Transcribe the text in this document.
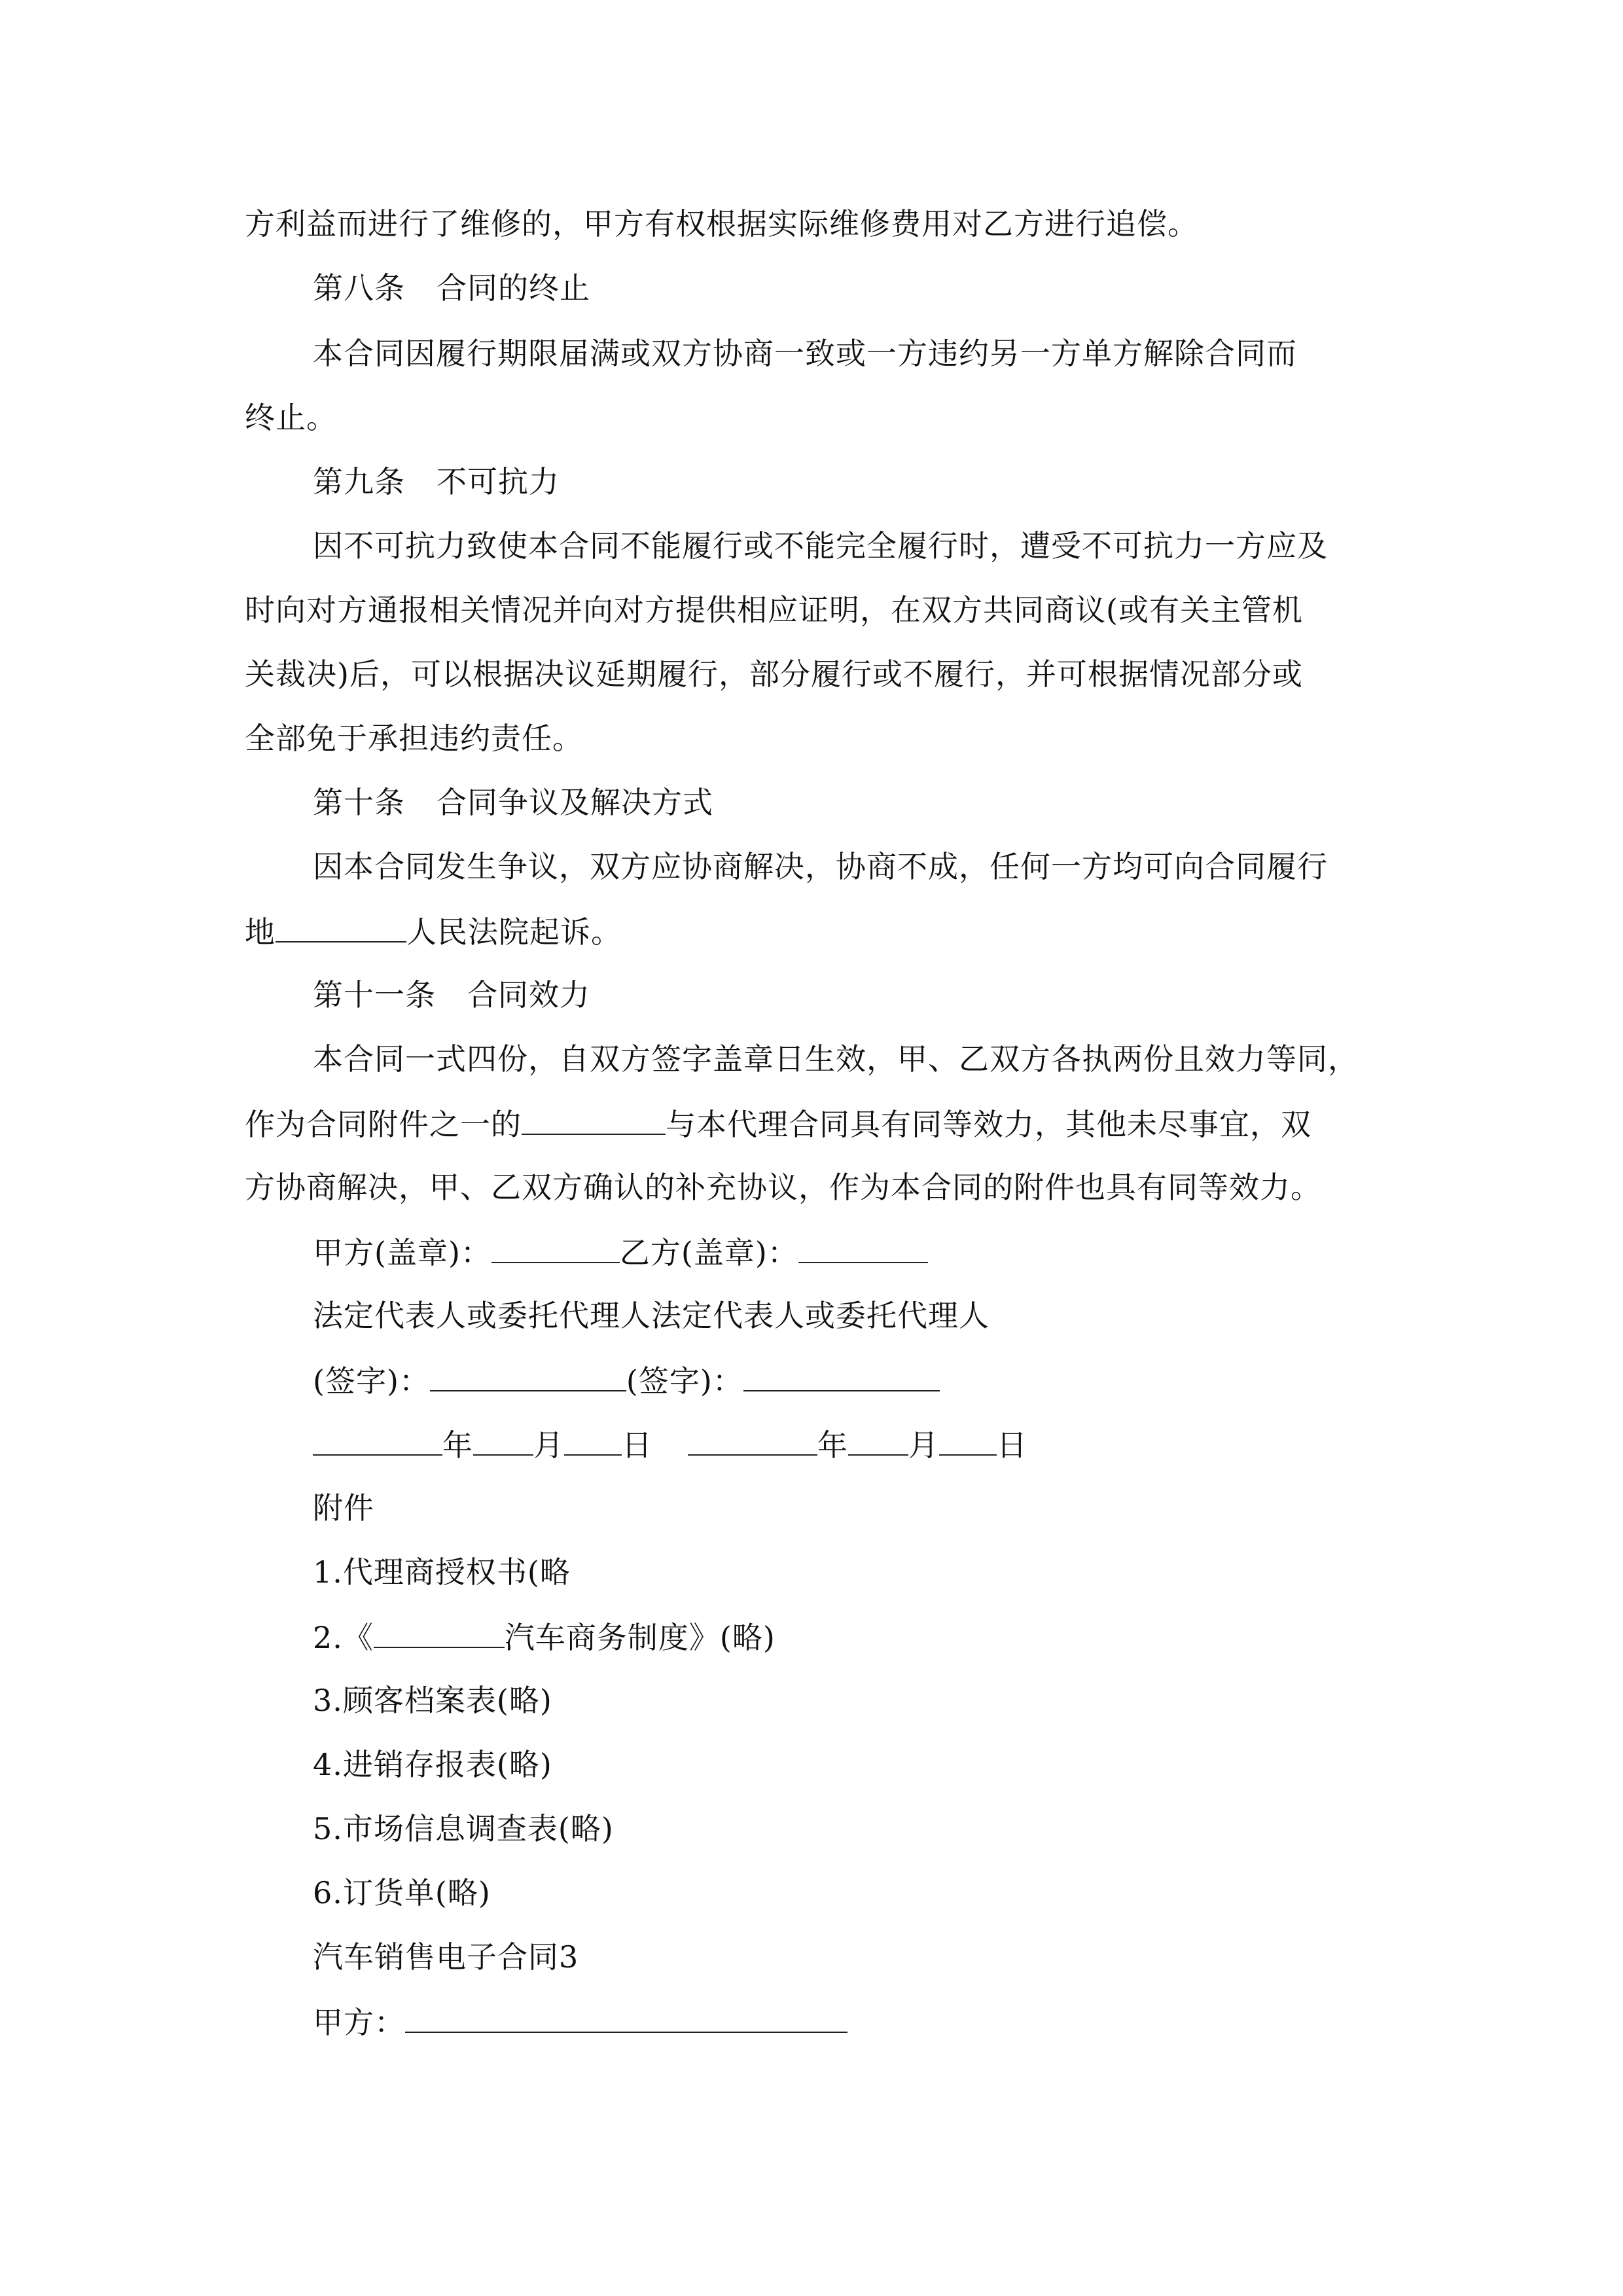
方利益而进行了维修的，甲方有权根据实际维修费用对乙方进行追偿。
第八条 合同的终止
本合同因履行期限届满或双方协商一致或一方违约另一方单方解除合同而
终止。
第九条 不可抗力
因不可抗力致使本合同不能履行或不能完全履行时，遭受不可抗力一方应及
时向对方通报相关情况并向对方提供相应证明，在双方共同商议(或有关主管机
关裁决)后，可以根据决议延期履行，部分履行或不履行，并可根据情况部分或
全部免于承担违约责任。
第十条 合同争议及解决方式
因本合同发生争议，双方应协商解决，协商不成，任何一方均可向合同履行
地	人民法院起诉。
第十一条 合同效力
本合同一式四份，自双方签字盖章日生效，甲、乙双方各执两份且效力等同，
作为合同附件之一的	与本代理合同具有同等效力，其他未尽事宜，双
方协商解决，甲、乙双方确认的补充协议，作为本合同的附件也具有同等效力。
甲方(盖章)：	乙方(盖章)：
法定代表人或委托代理人法定代表人或委托代理人
(签字)：	(签字)：
年 月 日	年 月 日
附件
1.代理商授权书(略
2.《	汽车商务制度》(略)
3.顾客档案表(略)
4.进销存报表(略)
5.市场信息调查表(略)
6.订货单(略)
汽车销售电子合同3
甲方：
